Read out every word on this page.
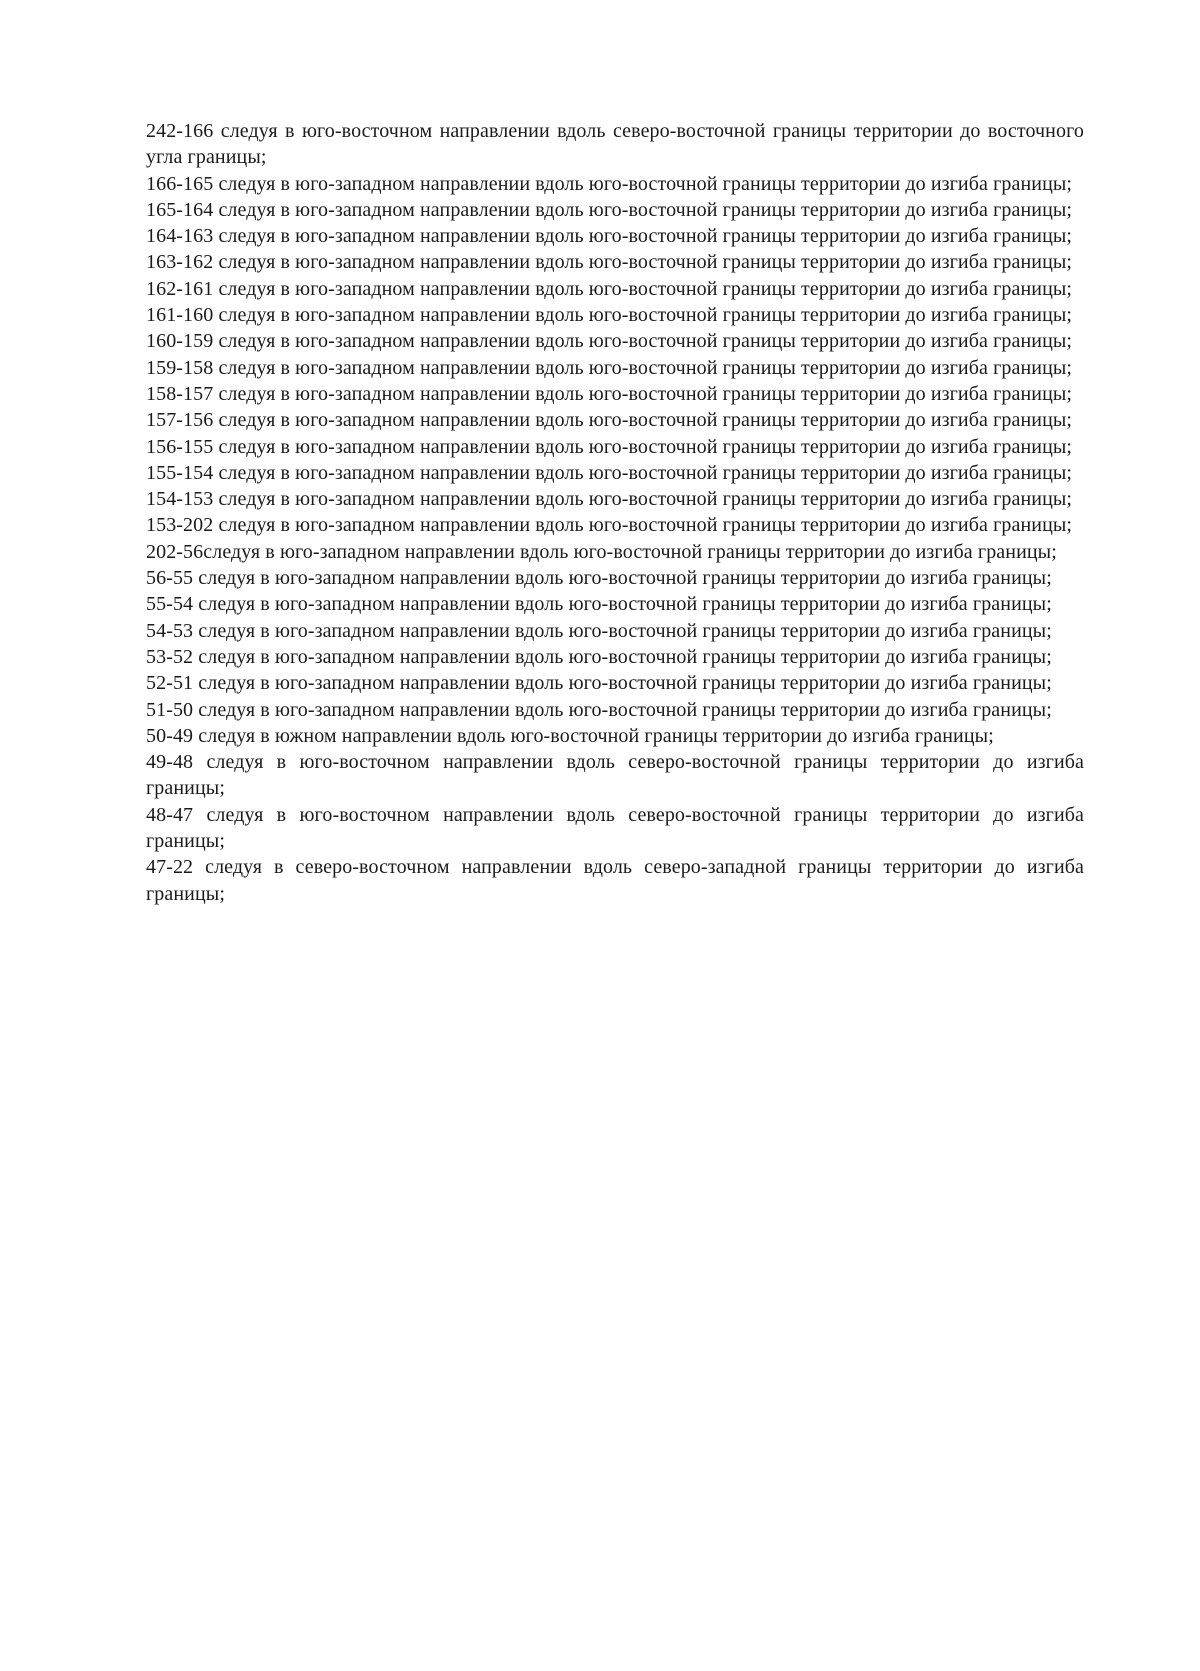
242-166 следуя в юго-восточном направлении вдоль северо-восточной границы территории до восточного угла границы;

166-165 следуя в юго-западном направлении вдоль юго-восточной границы территории до изгиба границы;

165-164 следуя в юго-западном направлении вдоль юго-восточной границы территории до изгиба границы;

164-163 следуя в юго-западном направлении вдоль юго-восточной границы территории до изгиба границы;

163-162 следуя в юго-западном направлении вдоль юго-восточной границы территории до изгиба границы;

162-161 следуя в юго-западном направлении вдоль юго-восточной границы территории до изгиба границы;

161-160 следуя в юго-западном направлении вдоль юго-восточной границы территории до изгиба границы;

160-159 следуя в юго-западном направлении вдоль юго-восточной границы территории до изгиба границы;

159-158 следуя в юго-западном направлении вдоль юго-восточной границы территории до изгиба границы;

158-157 следуя в юго-западном направлении вдоль юго-восточной границы территории до изгиба границы;

157-156 следуя в юго-западном направлении вдоль юго-восточной границы территории до изгиба границы;

156-155 следуя в юго-западном направлении вдоль юго-восточной границы территории до изгиба границы;

155-154 следуя в юго-западном направлении вдоль юго-восточной границы территории до изгиба границы;

154-153 следуя в юго-западном направлении вдоль юго-восточной границы территории до изгиба границы;

153-202 следуя в юго-западном направлении вдоль юго-восточной границы территории до изгиба границы;

202-56следуя в юго-западном направлении вдоль юго-восточной границы территории до изгиба границы;

56-55 следуя в юго-западном направлении вдоль юго-восточной границы территории до изгиба границы;

55-54 следуя в юго-западном направлении вдоль юго-восточной границы территории до изгиба границы;

54-53 следуя в юго-западном направлении вдоль юго-восточной границы территории до изгиба границы;

53-52 следуя в юго-западном направлении вдоль юго-восточной границы территории до изгиба границы;

52-51 следуя в юго-западном направлении вдоль юго-восточной границы территории до изгиба границы;

51-50 следуя в юго-западном направлении вдоль юго-восточной границы территории до изгиба границы;

50-49 следуя в южном направлении вдоль юго-восточной границы территории до изгиба границы;

49-48 следуя в юго-восточном направлении вдоль северо-восточной границы территории до изгиба границы;

48-47 следуя в юго-восточном направлении вдоль северо-восточной границы территории до изгиба границы;

47-22 следуя в северо-восточном направлении вдоль северо-западной границы территории до изгиба границы;
